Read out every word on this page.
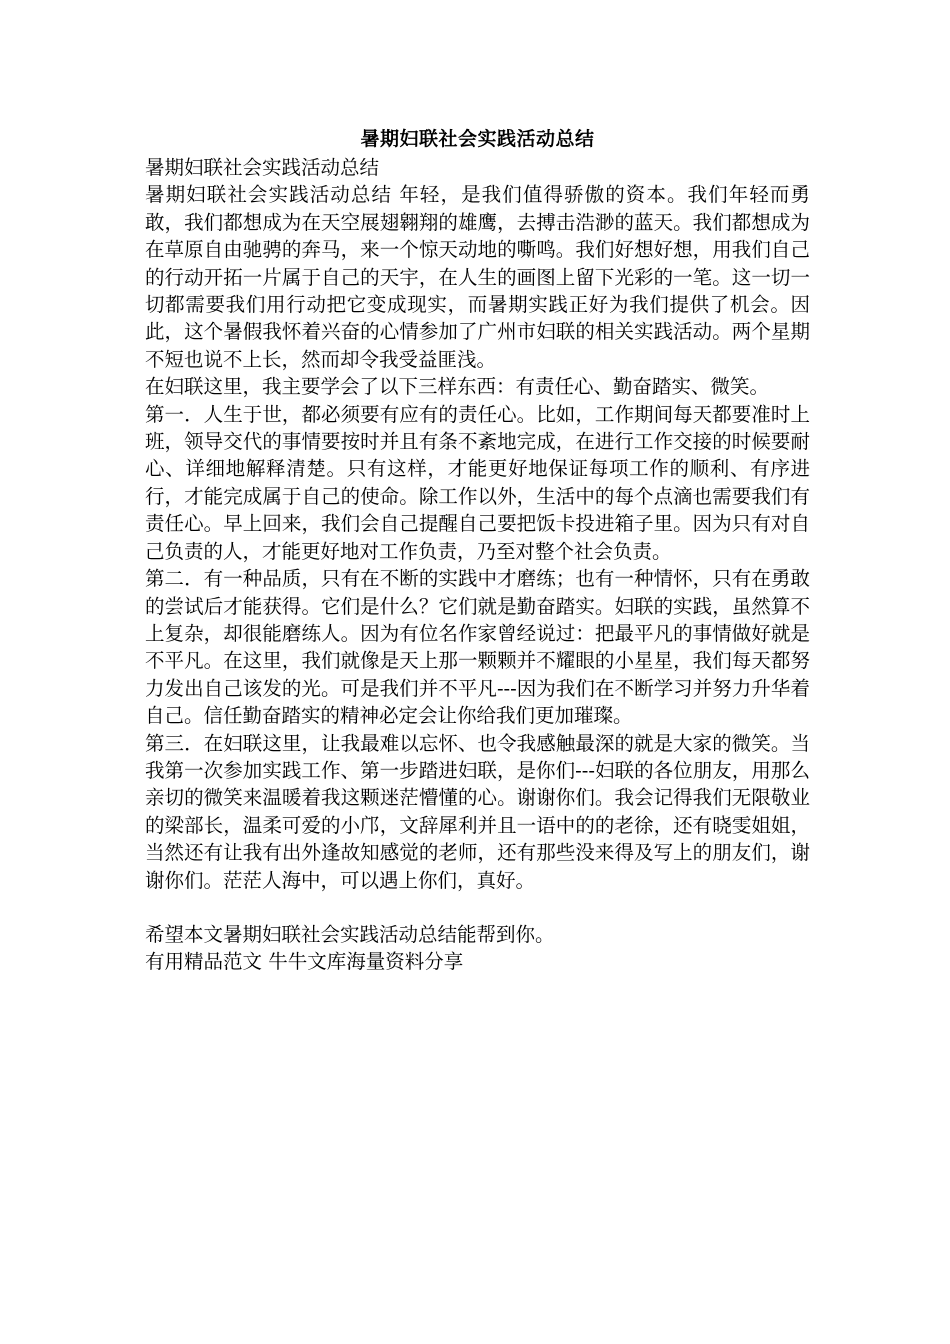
暑期妇联社会实践活动总结

暑期妇联社会实践活动总结

暑期妇联社会实践活动总结 年轻，是我们值得骄傲的资本。我们年轻而勇敢，我们都想成为在天空展翅翱翔的雄鹰，去搏击浩渺的蓝天。我们都想成为在草原自由驰骋的奔马，来一个惊天动地的嘶鸣。我们好想好想，用我们自己的行动开拓一片属于自己的天宇，在人生的画图上留下光彩的一笔。这一切一切都需要我们用行动把它变成现实，而暑期实践正好为我们提供了机会。因此，这个暑假我怀着兴奋的心情参加了广州市妇联的相关实践活动。两个星期不短也说不上长，然而却令我受益匪浅。

在妇联这里，我主要学会了以下三样东西：有责任心、勤奋踏实、微笑。

第一．人生于世，都必须要有应有的责任心。比如，工作期间每天都要准时上班，领导交代的事情要按时并且有条不紊地完成，在进行工作交接的时候要耐心、详细地解释清楚。只有这样，才能更好地保证每项工作的顺利、有序进行，才能完成属于自己的使命。除工作以外，生活中的每个点滴也需要我们有责任心。早上回来，我们会自己提醒自己要把饭卡投进箱子里。因为只有对自己负责的人，才能更好地对工作负责，乃至对整个社会负责。

第二．有一种品质，只有在不断的实践中才磨练；也有一种情怀，只有在勇敢的尝试后才能获得。它们是什么？它们就是勤奋踏实。妇联的实践，虽然算不上复杂，却很能磨练人。因为有位名作家曾经说过：把最平凡的事情做好就是不平凡。在这里，我们就像是天上那一颗颗并不耀眼的小星星，我们每天都努力发出自己该发的光。可是我们并不平凡---因为我们在不断学习并努力升华着自己。信任勤奋踏实的精神必定会让你给我们更加璀璨。

第三．在妇联这里，让我最难以忘怀、也令我感触最深的就是大家的微笑。当我第一次参加实践工作、第一步踏进妇联，是你们---妇联的各位朋友，用那么亲切的微笑来温暖着我这颗迷茫懵懂的心。谢谢你们。我会记得我们无限敬业的梁部长，温柔可爱的小邝，文辞犀利并且一语中的的老徐，还有晓雯姐姐，当然还有让我有出外逢故知感觉的老师，还有那些没来得及写上的朋友们，谢谢你们。茫茫人海中，可以遇上你们，真好。

希望本文暑期妇联社会实践活动总结能帮到你。

有用精品范文 牛牛文库海量资料分享
